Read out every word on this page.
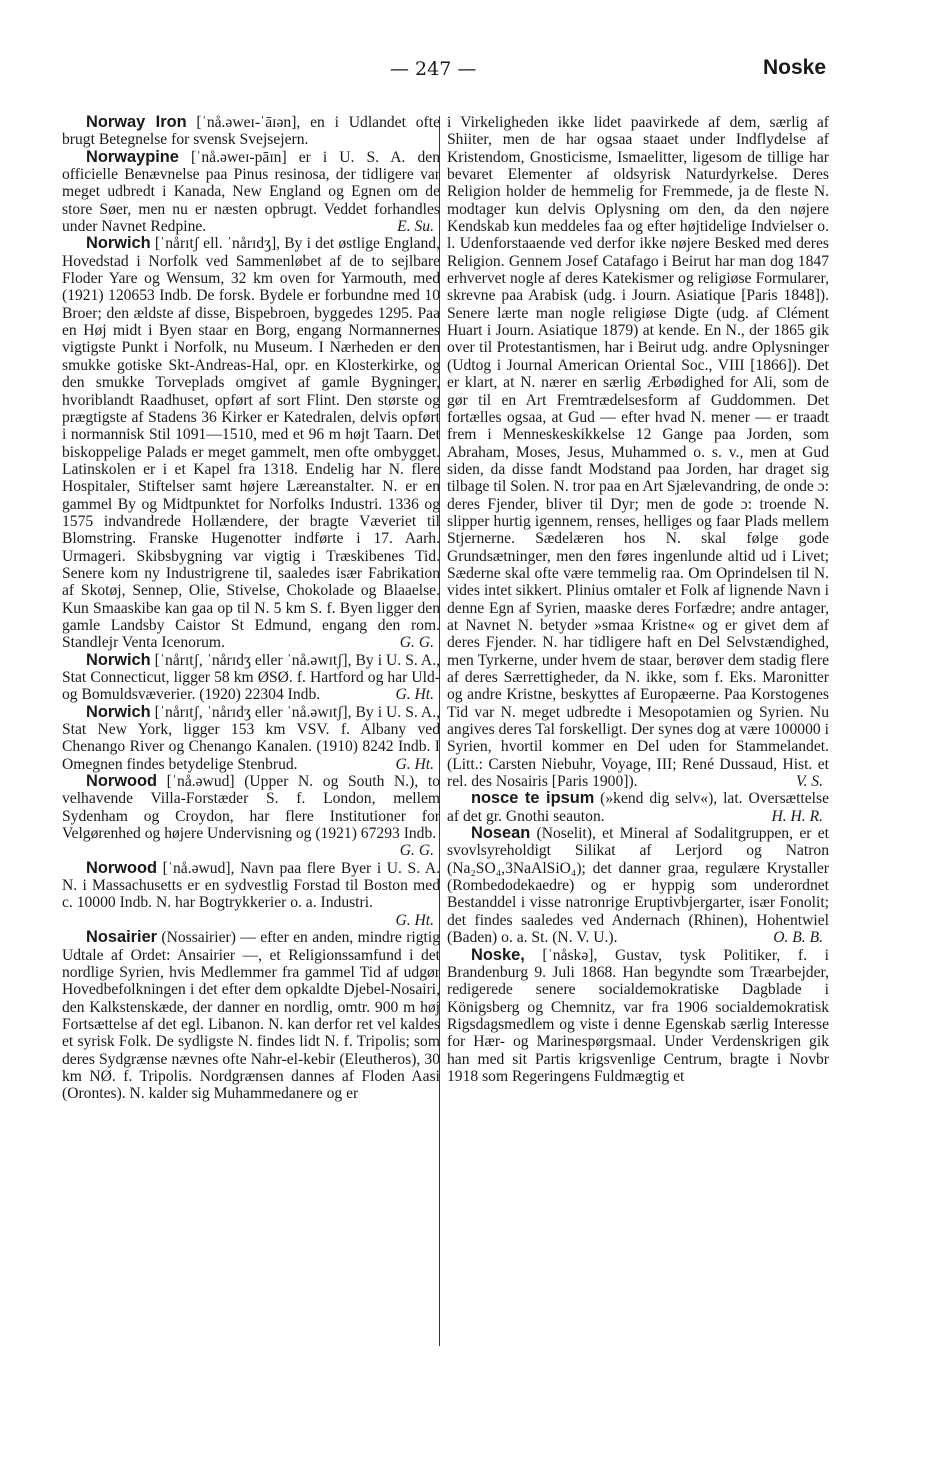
— 247 —	Noske

Norway Iron [ˈnå.əweɪ-ˈāɪən], en i Udlandet ofte brugt Betegnelse for svensk Svejsejern.

Norwaypine [ˈnå.əweɪ-pāɪn] er i U. S. A. den officielle Benævnelse paa Pinus resinosa, der tidligere var meget udbredt i Kanada, New England og Egnen om de store Søer, men nu er næsten opbrugt. Veddet forhandles under Navnet Redpine.	E. Su.

Norwich [ˈnårɪtʃ ell. ˈnårɪdʒ], By i det østlige England, Hovedstad i Norfolk ved Sammenløbet af de to sejlbare Floder Yare og Wensum, 32 km oven for Yarmouth, med (1921) 120653 Indb. De forsk. Bydele er forbundne med 10 Broer; den ældste af disse, Bispebroen, byggedes 1295. Paa en Høj midt i Byen staar en Borg, engang Normannernes vigtigste Punkt i Norfolk, nu Museum. I Nærheden er den smukke gotiske Skt-Andreas-Hal, opr. en Klosterkirke, og den smukke Torveplads omgivet af gamle Bygninger, hvoriblandt Raadhuset, opført af sort Flint. Den største og prægtigste af Stadens 36 Kirker er Katedralen, delvis opført i normannisk Stil 1091—1510, med et 96 m højt Taarn. Det biskoppelige Palads er meget gammelt, men ofte ombygget. Latinskolen er i et Kapel fra 1318. Endelig har N. flere Hospitaler, Stiftelser samt højere Læreanstalter. N. er en gammel By og Midtpunktet for Norfolks Industri. 1336 og 1575 indvandrede Hollændere, der bragte Væveriet til Blomstring. Franske Hugenotter indførte i 17. Aarh. Urmageri. Skibsbygning var vigtig i Træskibenes Tid. Senere kom ny Industrigrene til, saaledes især Fabrikation af Skotøj, Sennep, Olie, Stivelse, Chokolade og Blaaelse. Kun Smaaskibe kan gaa op til N. 5 km S. f. Byen ligger den gamle Landsby Caistor St Edmund, engang den rom. Standlejr Venta Icenorum.	G. G.

Norwich [ˈnårɪtʃ, ˈnårɪdʒ eller ˈnå.əwɪtʃ], By i U. S. A., Stat Connecticut, ligger 58 km ØSØ. f. Hartford og har Uld- og Bomuldsvæverier. (1920) 22304 Indb.	G. Ht.

Norwich [ˈnårɪtʃ, ˈnårɪdʒ eller ˈnå.əwɪtʃ], By i U. S. A., Stat New York, ligger 153 km VSV. f. Albany ved Chenango River og Chenango Kanalen. (1910) 8242 Indb. I Omegnen findes betydelige Stenbrud.	G. Ht.

Norwood [ˈnå.əwud] (Upper N. og South N.), to velhavende Villa-Forstæder S. f. London, mellem Sydenham og Croydon, har flere Institutioner for Velgørenhed og højere Undervisning og (1921) 67293 Indb.
G. G.

Norwood [ˈnå.əwud], Navn paa flere Byer i U. S. A. N. i Massachusetts er en sydvestlig Forstad til Boston med c. 10000 Indb. N. har Bogtrykkerier o. a. Industri.
G. Ht.

Nosairier (Nossairier) — efter en anden, mindre rigtig Udtale af Ordet: Ansairier —, et Religionssamfund i det nordlige Syrien, hvis Medlemmer fra gammel Tid af udgør Hovedbefolkningen i det efter dem opkaldte Djebel-Nosairi, den Kalkstenskæde, der danner en nordlig, omtr. 900 m høj Fortsættelse af det egl. Libanon. N. kan derfor ret vel kaldes et syrisk Folk. De sydligste N. findes lidt N. f. Tripolis; som deres Sydgrænse nævnes ofte Nahr-el-kebir (Eleutheros), 30 km NØ. f. Tripolis. Nordgrænsen dannes af Floden Aasi (Orontes). N. kalder sig Muhammedanere og er

i Virkeligheden ikke lidet paavirkede af dem, særlig af Shiiter, men de har ogsaa staaet under Indflydelse af Kristendom, Gnosticisme, Ismaelitter, ligesom de tillige har bevaret Elementer af oldsyrisk Naturdyrkelse. Deres Religion holder de hemmelig for Fremmede, ja de fleste N. modtager kun delvis Oplysning om den, da den nøjere Kendskab kun meddeles faa og efter højtidelige Indvielser o. l. Udenforstaaende ved derfor ikke nøjere Besked med deres Religion. Gennem Josef Catafago i Beirut har man dog 1847 erhvervet nogle af deres Katekismer og religiøse Formularer, skrevne paa Arabisk (udg. i Journ. Asiatique [Paris 1848]). Senere lærte man nogle religiøse Digte (udg. af Clément Huart i Journ. Asiatique 1879) at kende. En N., der 1865 gik over til Protestantismen, har i Beirut udg. andre Oplysninger (Udtog i Journal American Oriental Soc., VIII [1866]). Det er klart, at N. nærer en særlig Ærbødighed for Ali, som de gør til en Art Fremtrædelsesform af Guddommen. Det fortælles ogsaa, at Gud — efter hvad N. mener — er traadt frem i Menneskeskikkelse 12 Gange paa Jorden, som Abraham, Moses, Jesus, Muhammed o. s. v., men at Gud siden, da disse fandt Modstand paa Jorden, har draget sig tilbage til Solen. N. tror paa en Art Sjælevandring, de onde ɔ: deres Fjender, bliver til Dyr; men de gode ɔ: troende N. slipper hurtig igennem, renses, helliges og faar Plads mellem Stjernerne. Sædelæren hos N. skal følge gode Grundsætninger, men den føres ingenlunde altid ud i Livet; Sæderne skal ofte være temmelig raa. Om Oprindelsen til N. vides intet sikkert. Plinius omtaler et Folk af lignende Navn i denne Egn af Syrien, maaske deres Forfædre; andre antager, at Navnet N. betyder »smaa Kristne« og er givet dem af deres Fjender. N. har tidligere haft en Del Selvstændighed, men Tyrkerne, under hvem de staar, berøver dem stadig flere af deres Særrettigheder, da N. ikke, som f. Eks. Maronitter og andre Kristne, beskyttes af Europæerne. Paa Korstogenes Tid var N. meget udbredte i Mesopotamien og Syrien. Nu angives deres Tal forskelligt. Der synes dog at være 100000 i Syrien, hvortil kommer en Del uden for Stammelandet. (Litt.: Carsten Niebuhr, Voyage, III; René Dussaud, Hist. et rel. des Nosairis [Paris 1900]).	V. S.

nosce te ipsum (»kend dig selv«), lat. Oversættelse af det gr. Gnothi seauton.	H. H. R.

Nosean (Noselit), et Mineral af Sodalitgruppen, er et svovlsyreholdigt Silikat af Lerjord og Natron (Na₂SO₄,3NaAlSiO₄); det danner graa, regulære Krystaller (Rombedodekaedre) og er hyppig som underordnet Bestanddel i visse natronrige Eruptivbjergarter, især Fonolit; det findes saaledes ved Andernach (Rhinen), Hohentwiel (Baden) o. a. St. (N. V. U.).	O. B. B.

Noske, [ˈnåskə], Gustav, tysk Politiker, f. i Brandenburg 9. Juli 1868. Han begyndte som Træarbejder, redigerede senere socialdemokratiske Dagblade i Königsberg og Chemnitz, var fra 1906 socialdemokratisk Rigsdagsmedlem og viste i denne Egenskab særlig Interesse for Hær- og Marinespørgsmaal. Under Verdenskrigen gik han med sit Partis krigsvenlige Centrum, bragte i Novbr 1918 som Regeringens Fuldmægtig et
